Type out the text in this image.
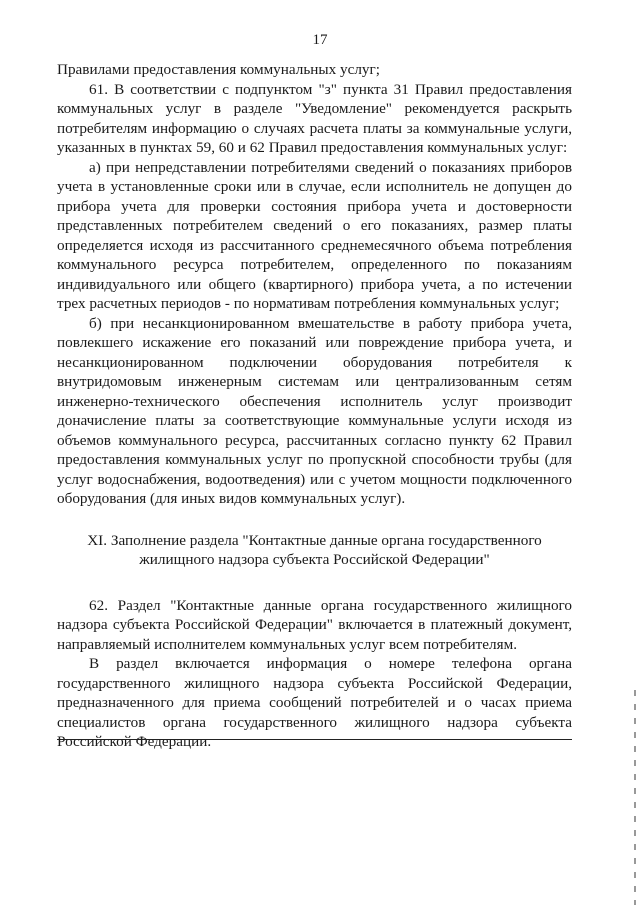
17

Правилами предоставления коммунальных услуг;

61. В соответствии с подпунктом "з" пункта 31 Правил предоставления коммунальных услуг в разделе "Уведомление" рекомендуется раскрыть потребителям информацию о случаях расчета платы за коммунальные услуги, указанных в пунктах 59, 60 и 62 Правил предоставления коммунальных услуг:

а) при непредставлении потребителями сведений о показаниях приборов учета в установленные сроки или в случае, если исполнитель не допущен до прибора учета для проверки состояния прибора учета и достоверности представленных потребителем сведений о его показаниях, размер платы определяется исходя из рассчитанного среднемесячного объема потребления коммунального ресурса потребителем, определенного по показаниям индивидуального или общего (квартирного) прибора учета, а по истечении трех расчетных периодов - по нормативам потребления коммунальных услуг;

б) при несанкционированном вмешательстве в работу прибора учета, повлекшего искажение его показаний или повреждение прибора учета, и несанкционированном подключении оборудования потребителя к внутридомовым инженерным системам или централизованным сетям инженерно-технического обеспечения исполнитель услуг производит доначисление платы за соответствующие коммунальные услуги исходя из объемов коммунального ресурса, рассчитанных согласно пункту 62 Правил предоставления коммунальных услуг по пропускной способности трубы (для услуг водоснабжения, водоотведения) или с учетом мощности подключенного оборудования (для иных видов коммунальных услуг).

XI. Заполнение раздела "Контактные данные органа государственного жилищного надзора субъекта Российской Федерации"

62. Раздел "Контактные данные органа государственного жилищного надзора субъекта Российской Федерации" включается в платежный документ, направляемый исполнителем коммунальных услуг всем потребителям.

В раздел включается информация о номере телефона органа государственного жилищного надзора субъекта Российской Федерации, предназначенного для приема сообщений потребителей и о часах приема специалистов органа государственного жилищного надзора субъекта Российской Федерации.
